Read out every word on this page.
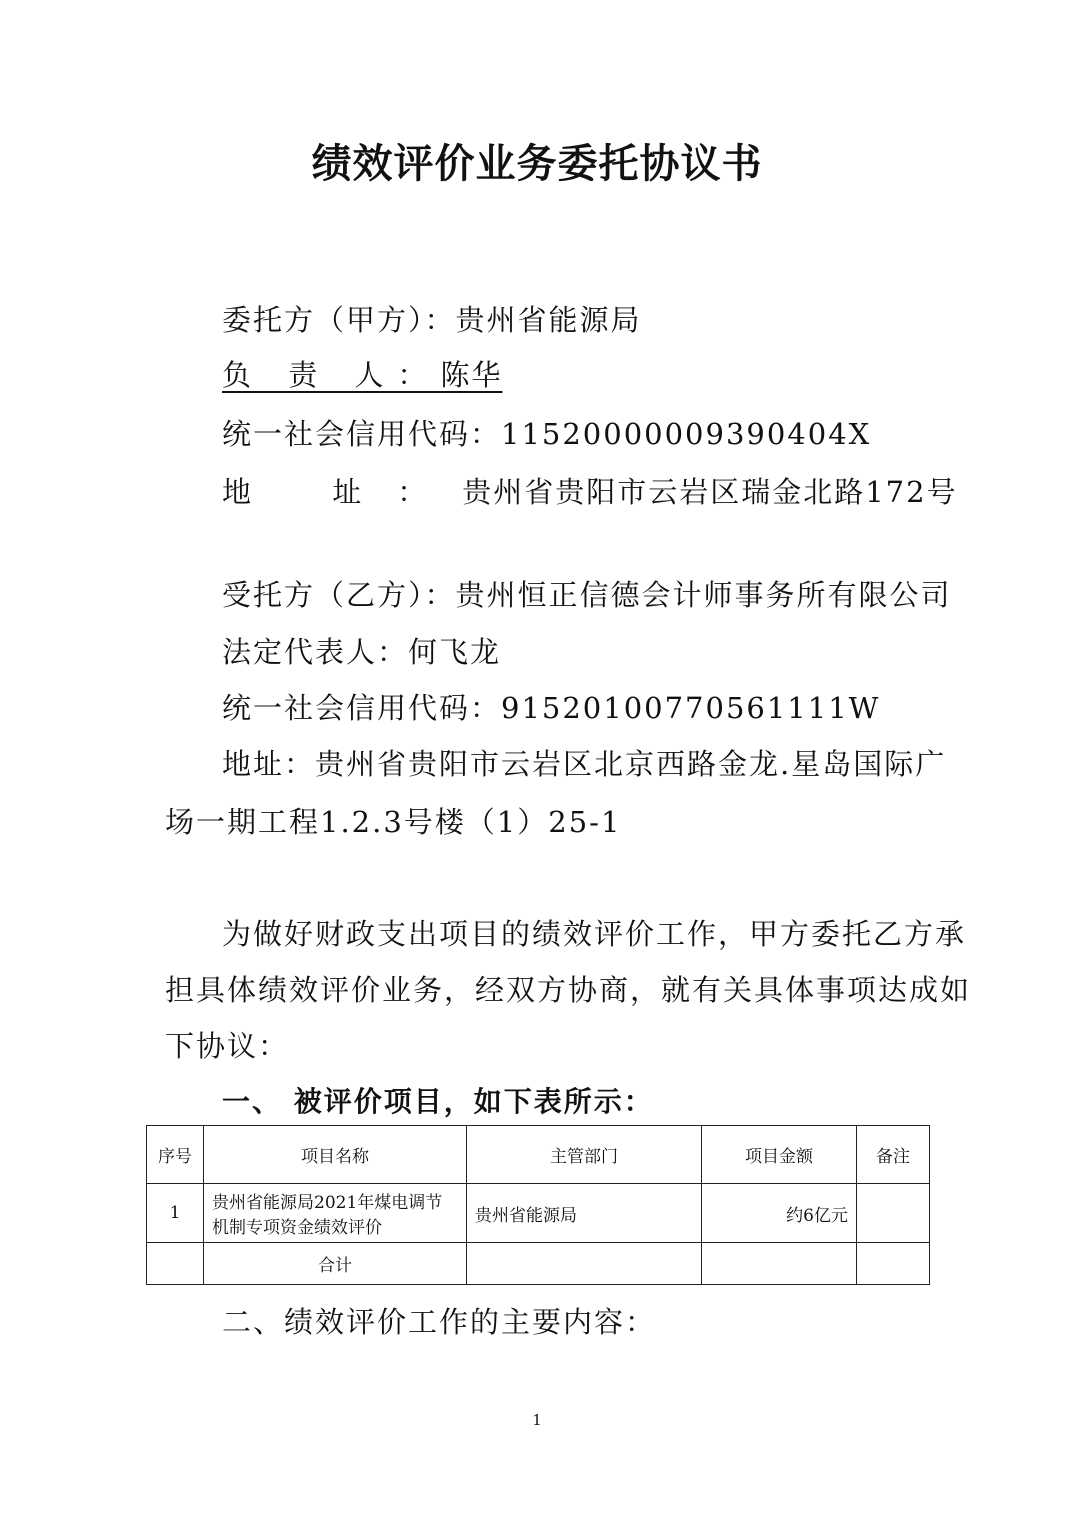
绩效评价业务委托协议书
委托方（甲方）：贵州省能源局
负 责 人：陈华
统一社会信用代码：11520000009390404X
地 址：贵州省贵阳市云岩区瑞金北路172号
受托方（乙方）：贵州恒正信德会计师事务所有限公司
法定代表人：何飞龙
统一社会信用代码：91520100770561111W
地址：贵州省贵阳市云岩区北京西路金龙.星岛国际广
场一期工程1.2.3号楼（1）25-1
为做好财政支出项目的绩效评价工作，甲方委托乙方承
担具体绩效评价业务，经双方协商，就有关具体事项达成如
下协议：
一、 被评价项目，如下表所示：
序号	项目名称	主管部门	项目金额	备注
1	贵州省能源局2021年煤电调节机制专项资金绩效评价	贵州省能源局	约6亿元	
	合计			
二、绩效评价工作的主要内容：
1
